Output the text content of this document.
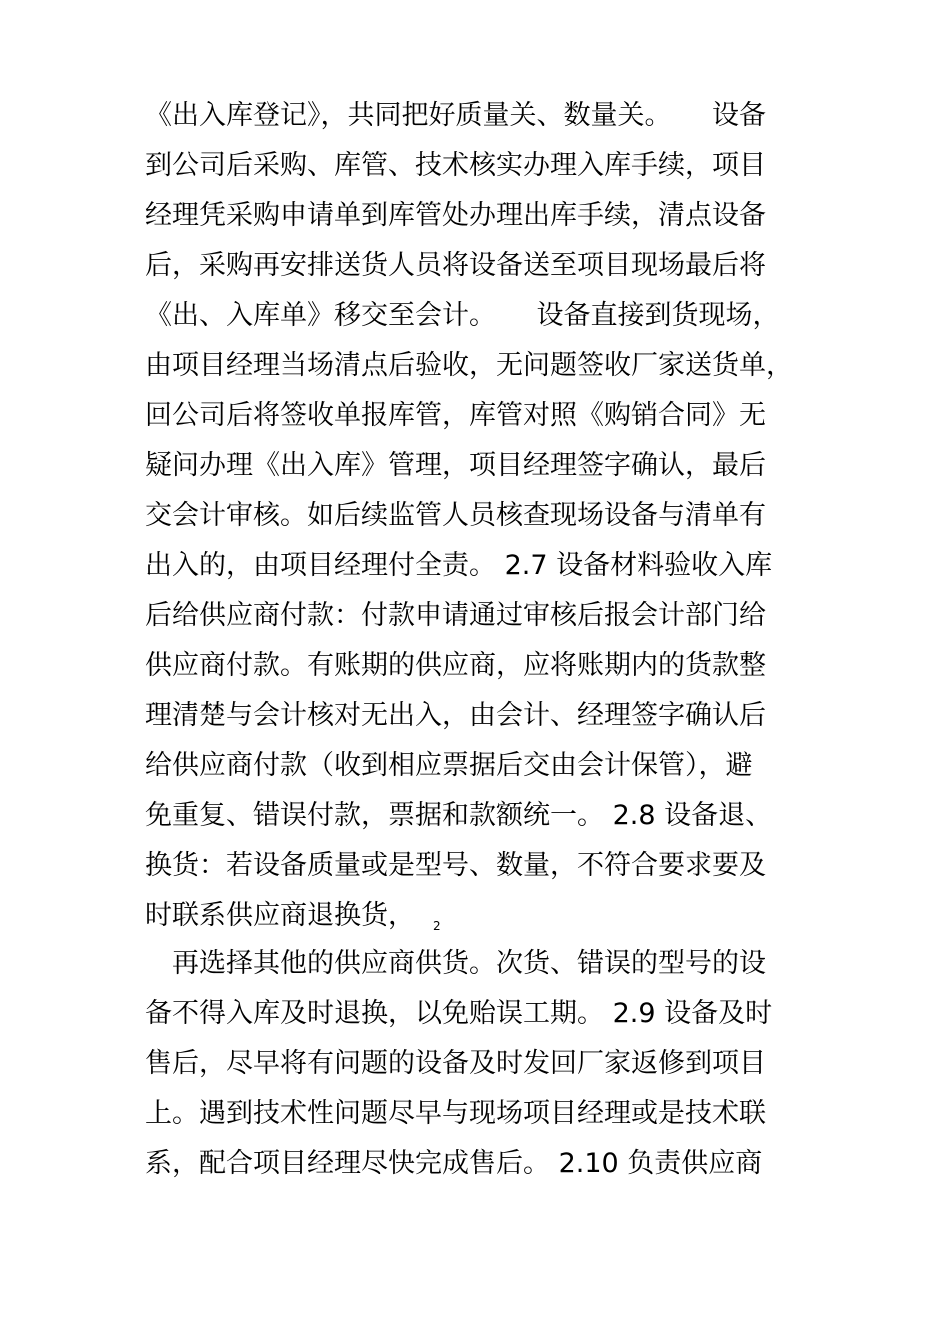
《出入库登记》，共同把好质量关、数量关。　　设备
到公司后采购、库管、技术核实办理入库手续，项目
经理凭采购申请单到库管处办理出库手续，清点设备
后，采购再安排送货人员将设备送至项目现场最后将
《出、入库单》移交至会计。　　设备直接到货现场，
由项目经理当场清点后验收，无问题签收厂家送货单，
回公司后将签收单报库管，库管对照《购销合同》无
疑问办理《出入库》管理，项目经理签字确认，最后
交会计审核。如后续监管人员核查现场设备与清单有
出入的，由项目经理付全责。 2.7 设备材料验收入库
后给供应商付款：付款申请通过审核后报会计部门给
供应商付款。有账期的供应商，应将账期内的货款整
理清楚与会计核对无出入，由会计、经理签字确认后
给供应商付款（收到相应票据后交由会计保管），避
免重复、错误付款，票据和款额统一。 2.8 设备退、
换货：若设备质量或是型号、数量，不符合要求要及
时联系供应商退换货， $_2$
　再选择其他的供应商供货。次货、错误的型号的设
备不得入库及时退换，以免贻误工期。 2.9 设备及时
售后，尽早将有问题的设备及时发回厂家返修到项目
上。遇到技术性问题尽早与现场项目经理或是技术联
系，配合项目经理尽快完成售后。 2.10 负责供应商
